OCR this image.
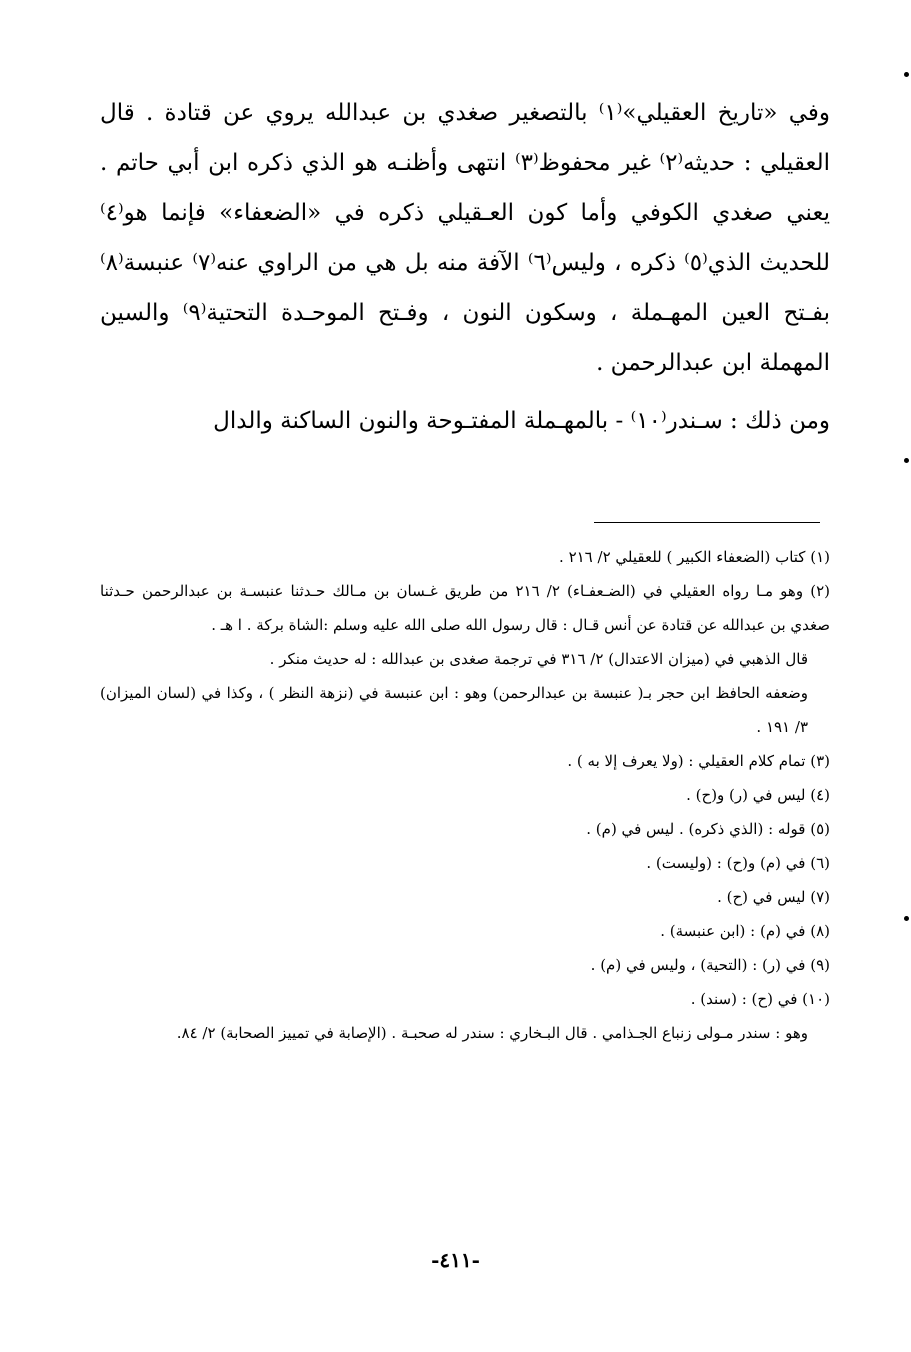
وفي «تاريخ العقيلي»⁽١⁾ بالتصغير صغدي بن عبدالله يروي عن قتادة . قال العقيلي : حديثه⁽٢⁾ غير محفوظ⁽٣⁾ انتهى وأظنـه هو الذي ذكره ابن أبي حاتم . يعني صغدي الكوفي وأما كون العـقيلي ذكره في «الضعفاء» فإنما هو⁽٤⁾ للحديث الذي⁽٥⁾ ذكره ، وليس⁽٦⁾ الآفة منه بل هي من الراوي عنه⁽٧⁾ عنبسة⁽٨⁾ بفـتح العين المهـملة ، وسكون النون ، وفـتح الموحـدة التحتية⁽٩⁾ والسين المهملة ابن عبدالرحمن .

ومن ذلك : سـندر⁽١٠⁾ - بالمهـملة المفتـوحة والنون الساكنة والدال

(١) كتاب (الضعفاء الكبير ) للعقيلي ٢/ ٢١٦ .

(٢) وهو مـا رواه العقيلي في (الضـعفـاء) ٢/ ٢١٦ من طريق غـسان بن مـالك حـدثنا عنبسـة بن عبدالرحمن حـدثنا صغدي بن عبدالله عن قتادة عن أنس قـال : قال رسول الله صلى الله عليه وسلم :الشاة بركة . ا هـ .

قال الذهبي في (ميزان الاعتدال) ٢/ ٣١٦ في ترجمة صغدى بن عبدالله : له حديث منكر .

وضعفه الحافظ ابن حجر بـ( عنبسة بن عبدالرحمن) وهو : ابن عنبسة في (نزهة النظر ) ، وكذا في (لسان الميزان) ٣/ ١٩١ .

(٣) تمام كلام العقيلي : (ولا يعرف إلا به ) .

(٤) ليس في (ر) و(ح) .

(٥) قوله : (الذي ذكره) . ليس في (م) .

(٦) في (م) و(ح) : (وليست) .

(٧) ليس في (ح) .

(٨) في (م) : (ابن عنبسة) .

(٩) في (ر) : (التحية) ، وليس في (م) .

(١٠) في (ح) : (سند) .

وهو : سندر مـولى زنباع الجـذامي . قال البـخاري : سندر له صحبـة . (الإصابة في تمييز الصحابة) ٢/ ٨٤.

-٤١١-
